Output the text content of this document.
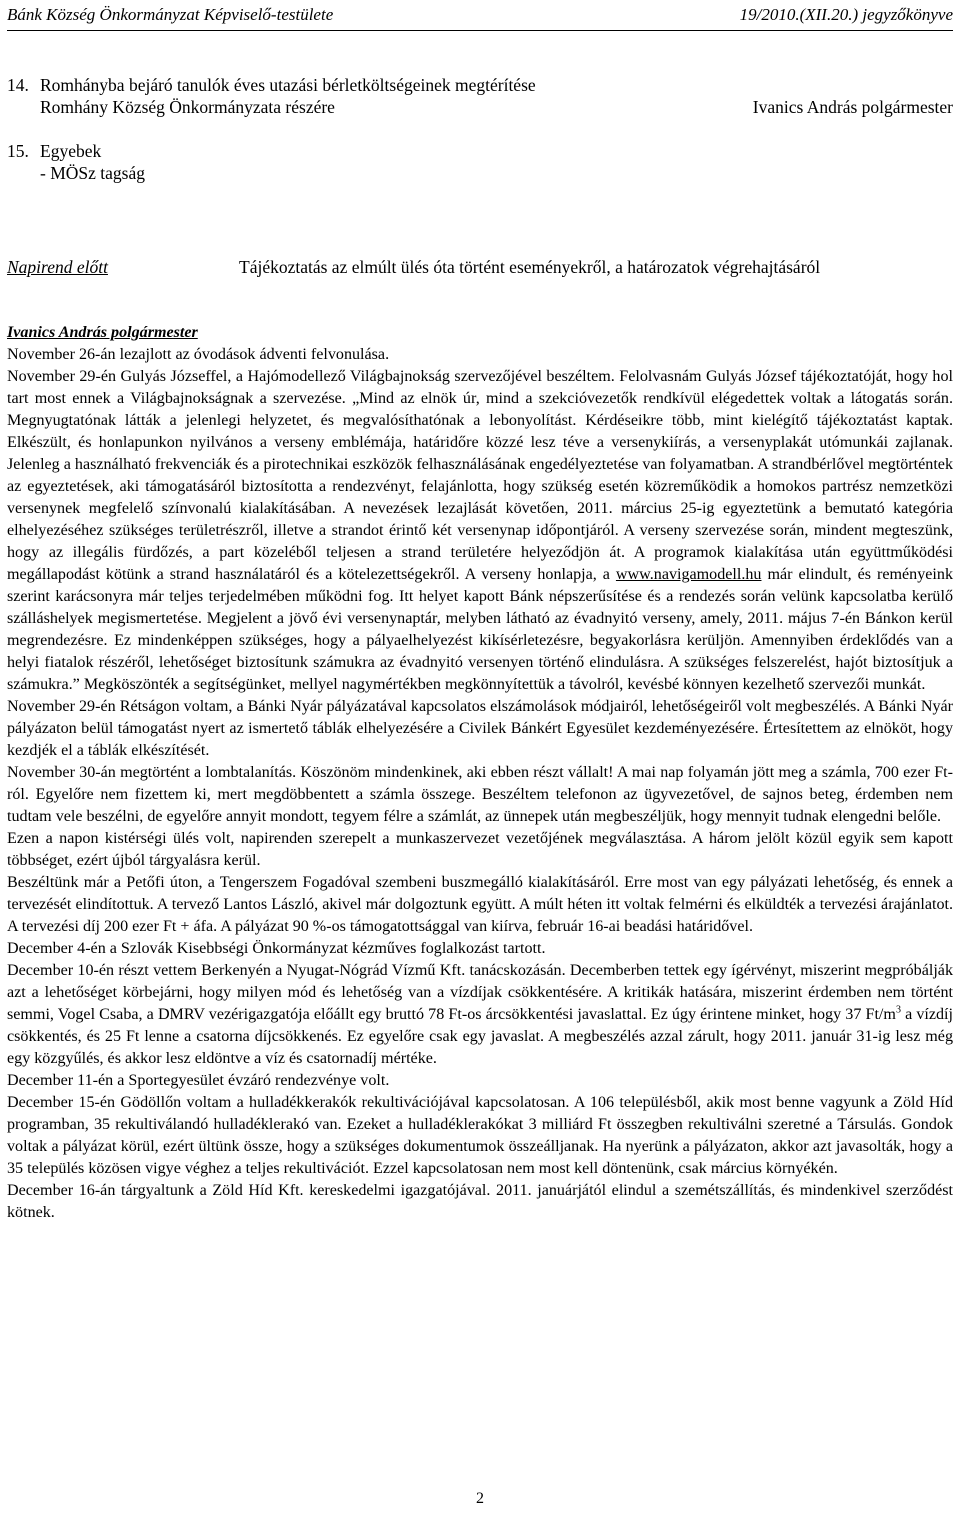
Bánk Község Önkormányzat Képviselő-testülete	19/2010.(XII.20.) jegyzőkönyve
14. Romhányba bejáró tanulók éves utazási bérletköltségeinek megtérítése
Romhány Község Önkormányzata részére	Ivanics András polgármester
15. Egyebek
- MÖSz tagság
Napirend előtt	Tájékoztatás az elmúlt ülés óta történt eseményekről, a határozatok végrehajtásáról
Ivanics András polgármester

November 26-án lezajlott az óvodások ádventi felvonulása.

November 29-én Gulyás Józseffel, a Hajómodellező Világbajnokság szervezőjével beszéltem. Felolvasnám Gulyás József tájékoztatóját, hogy hol tart most ennek a Világbajnokságnak a szervezése. „Mind az elnök úr, mind a szekcióvezetők rendkívül elégedettek voltak a látogatás során. Megnyugtatónak látták a jelenlegi helyzetet, és megvalósíthatónak a lebonyolítást. Kérdéseikre több, mint kielégítő tájékoztatást kaptak. Elkészült, és honlapunkon nyilvános a verseny emblémája, határidőre közzé lesz téve a versenykiírás, a versenyplakát utómunkái zajlanak. Jelenleg a használható frekvenciák és a pirotechnikai eszközök felhasználásának engedélyeztetése van folyamatban. A strandbérlővel megtörténtek az egyeztetések, aki támogatásáról biztosította a rendezvényt, felajánlotta, hogy szükség esetén közreműködik a homokos partrész nemzetközi versenynek megfelelő színvonalú kialakításában. A nevezések lezajlását követően, 2011. március 25-ig egyeztetünk a bemutató kategória elhelyezéséhez szükséges területrészről, illetve a strandot érintő két versenynap időpontjáról. A verseny szervezése során, mindent megteszünk, hogy az illegális fürdőzés, a part közeléből teljesen a strand területére helyeződjön át. A programok kialakítása után együttműködési megállapodást kötünk a strand használatáról és a kötelezettségekről. A verseny honlapja, a www.navigamodell.hu már elindult, és reményeink szerint karácsonyra már teljes terjedelmében működni fog. Itt helyet kapott Bánk népszerűsítése és a rendezés során velünk kapcsolatba kerülő szálláshelyek megismertetése. Megjelent a jövő évi versenynaptár, melyben látható az évadnyitó verseny, amely, 2011. május 7-én Bánkon kerül megrendezésre. Ez mindenképpen szükséges, hogy a pályaelhelyezést kikísérletezésre, begyakorlásra kerüljön. Amennyiben érdeklődés van a helyi fiatalok részéről, lehetőséget biztosítunk számukra az évadnyitó versenyen történő elindulásra. A szükséges felszerelést, hajót biztosítjuk a számukra.” Megköszönték a segítségünket, mellyel nagymértékben megkönnyítettük a távolról, kevésbé könnyen kezelhető szervezői munkát.

November 29-én Rétságon voltam, a Bánki Nyár pályázatával kapcsolatos elszámolások módjairól, lehetőségeiről volt megbeszélés. A Bánki Nyár pályázaton belül támogatást nyert az ismertető táblák elhelyezésére a Civilek Bánkért Egyesület kezdeményezésére. Értesítettem az elnököt, hogy kezdjék el a táblák elkészítését.

November 30-án megtörtént a lombtalanítás. Köszönöm mindenkinek, aki ebben részt vállalt! A mai nap folyamán jött meg a számla, 700 ezer Ft-ról. Egyelőre nem fizettem ki, mert megdöbbentett a számla összege. Beszéltem telefonon az ügyvezetővel, de sajnos beteg, érdemben nem tudtam vele beszélni, de egyelőre annyit mondott, tegyem félre a számlát, az ünnepek után megbeszéljük, hogy mennyit tudnak elengedni belőle.

Ezen a napon kistérségi ülés volt, napirenden szerepelt a munkaszervezet vezetőjének megválasztása. A három jelölt közül egyik sem kapott többséget, ezért újból tárgyalásra kerül.

Beszéltünk már a Petőfi úton, a Tengerszem Fogadóval szembeni buszmegálló kialakításáról. Erre most van egy pályázati lehetőség, és ennek a tervezését elindítottuk. A tervező Lantos László, akivel már dolgoztunk együtt. A múlt héten itt voltak felmérni és elküldték a tervezési árajánlatot. A tervezési díj 200 ezer Ft + áfa. A pályázat 90 %-os támogatottsággal van kiírva, február 16-ai beadási határidővel.

December 4-én a Szlovák Kisebbségi Önkormányzat kézműves foglalkozást tartott.

December 10-én részt vettem Berkenyén a Nyugat-Nógrád Vízmű Kft. tanácskozásán. Decemberben tettek egy ígérvényt, miszerint megpróbálják azt a lehetőséget körbejárni, hogy milyen mód és lehetőség van a vízdíjak csökkentésére. A kritikák hatására, miszerint érdemben nem történt semmi, Vogel Csaba, a DMRV vezérigazgatója előállt egy bruttó 78 Ft-os árcsökkentési javaslattal. Ez úgy érintene minket, hogy 37 $Ft/m^3$ a vízdíj csökkentés, és 25 Ft lenne a csatorna díjcsökkenés. Ez egyelőre csak egy javaslat. A megbeszélés azzal zárult, hogy 2011. január 31-ig lesz még egy közgyűlés, és akkor lesz eldöntve a víz és csatornadíj mértéke.

December 11-én a Sportegyesület évzáró rendezvénye volt.

December 15-én Gödöllőn voltam a hulladékkerakók rekultivációjával kapcsolatosan. A 106 településből, akik most benne vagyunk a Zöld Híd programban, 35 rekultiválandó hulladéklerakó van. Ezeket a hulladéklerakókat 3 milliárd Ft összegben rekultiválni szeretné a Társulás. Gondok voltak a pályázat körül, ezért ültünk össze, hogy a szükséges dokumentumok összeálljanak. Ha nyerünk a pályázaton, akkor azt javasolták, hogy a 35 település közösen vigye véghez a teljes rekultivációt. Ezzel kapcsolatosan nem most kell döntenünk, csak március környékén.

December 16-án tárgyaltunk a Zöld Híd Kft. kereskedelmi igazgatójával. 2011. januárjától elindul a szemétszállítás, és mindenkivel szerződést kötnek.

2
